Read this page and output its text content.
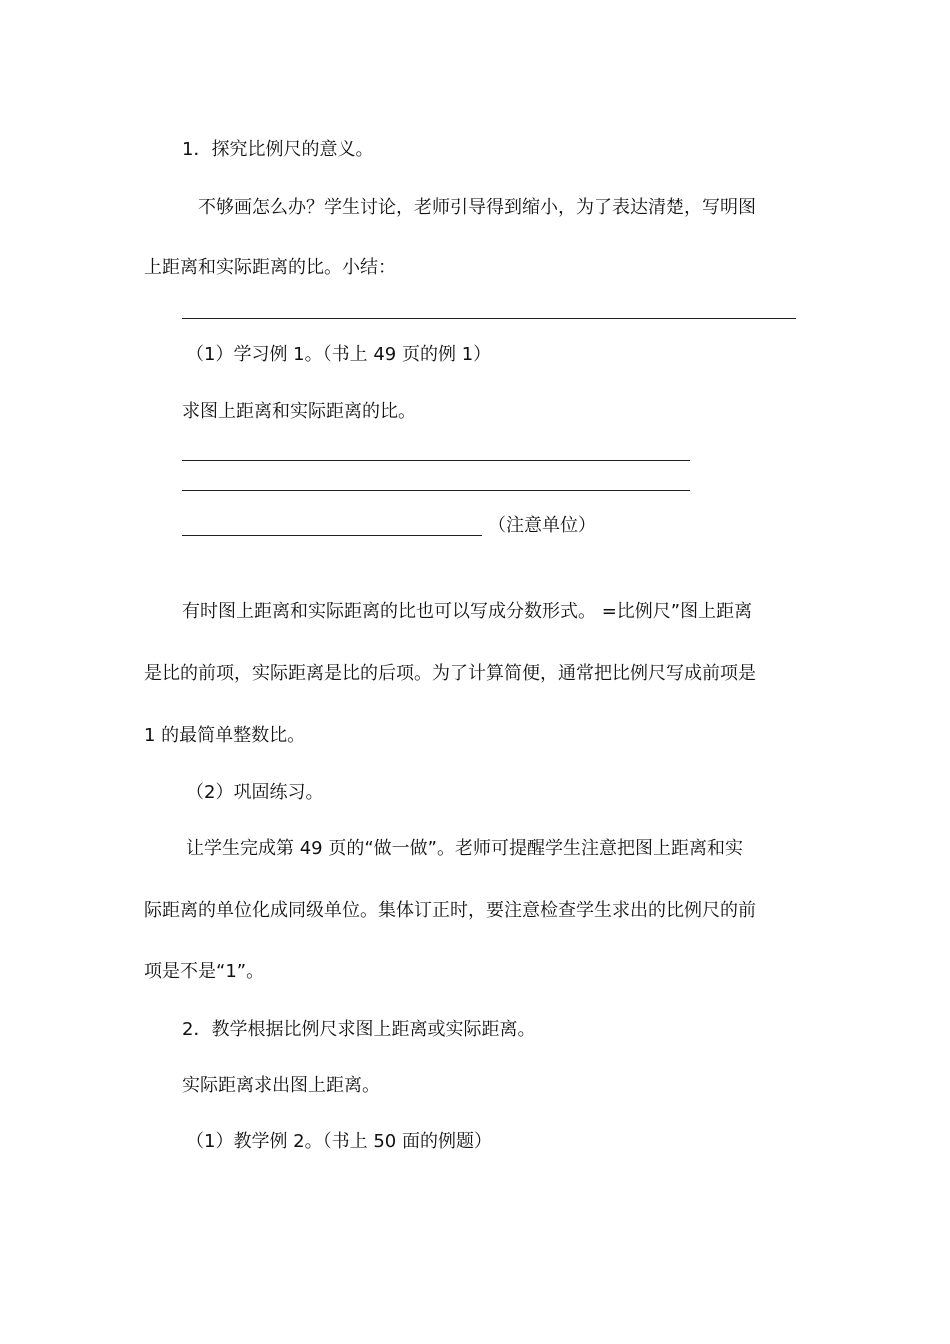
1．探究比例尺的意义。

不够画怎么办？学生讨论，老师引导得到缩小，为了表达清楚，写明图

上距离和实际距离的比。小结：

（1）学习例 1。（书上 49 页的例 1）

求图上距离和实际距离的比。

（注意单位）

有时图上距离和实际距离的比也可以写成分数形式。 =比例尺”图上距离

是比的前项，实际距离是比的后项。为了计算简便，通常把比例尺写成前项是

1 的最简单整数比。

（2）巩固练习。

让学生完成第 49 页的“做一做”。老师可提醒学生注意把图上距离和实

际距离的单位化成同级单位。集体订正时，要注意检查学生求出的比例尺的前

项是不是“1”。

2．教学根据比例尺求图上距离或实际距离。

实际距离求出图上距离。

（1）教学例 2。（书上 50 面的例题）
